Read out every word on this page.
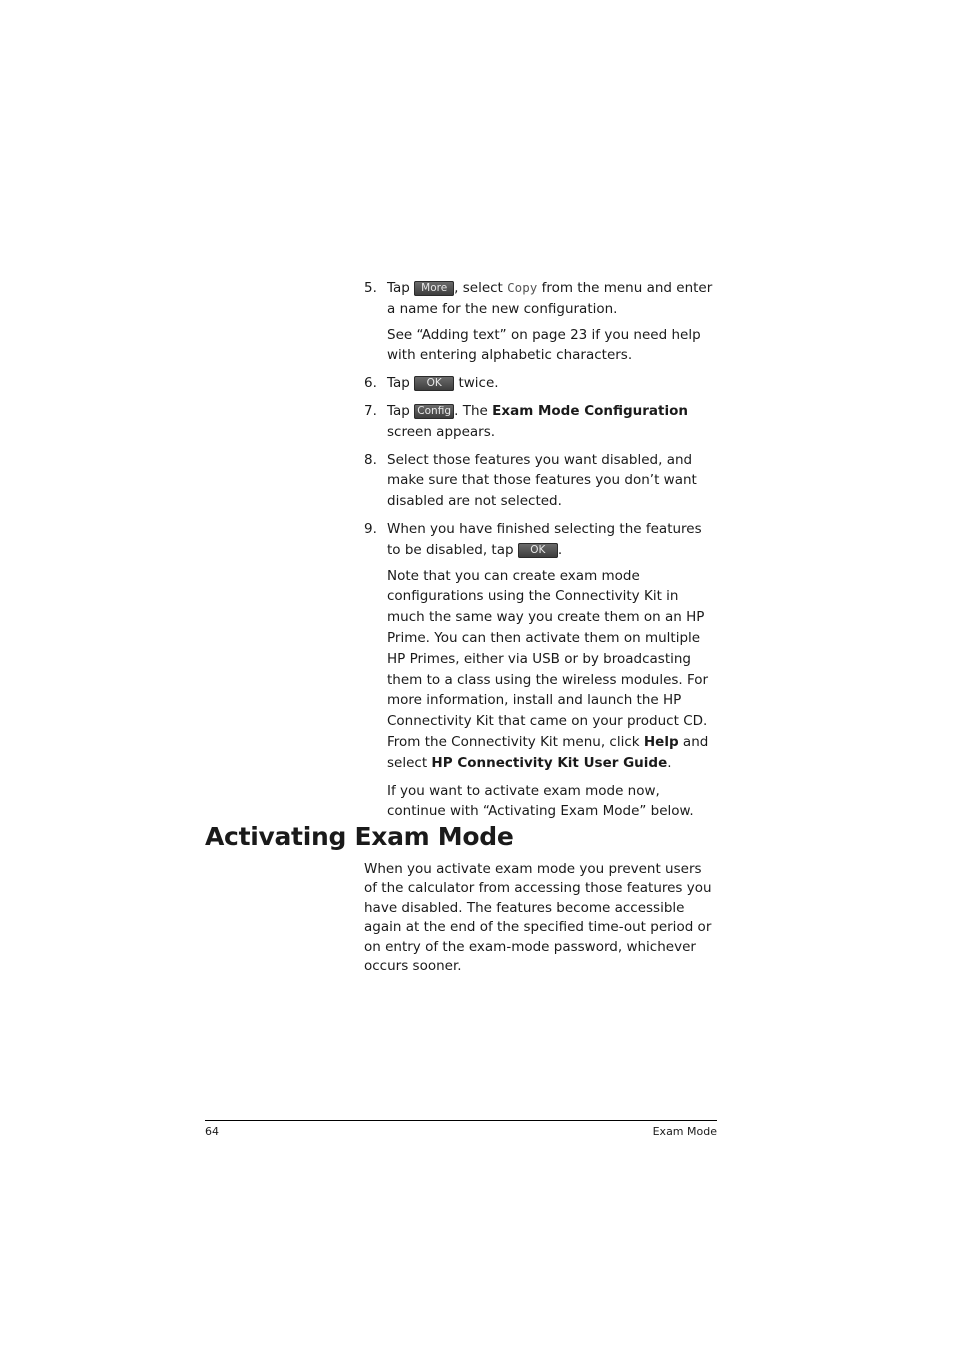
5. Tap More , select Copy from the menu and enter a name for the new configuration.

See “Adding text” on page 23 if you need help with entering alphabetic characters.

6. Tap OK twice.

7. Tap Config . The Exam Mode Configuration screen appears.

8. Select those features you want disabled, and make sure that those features you don’t want disabled are not selected.

9. When you have finished selecting the features to be disabled, tap OK .

Note that you can create exam mode configurations using the Connectivity Kit in much the same way you create them on an HP Prime. You can then activate them on multiple HP Primes, either via USB or by broadcasting them to a class using the wireless modules. For more information, install and launch the HP Connectivity Kit that came on your product CD. From the Connectivity Kit menu, click Help and select HP Connectivity Kit User Guide.

If you want to activate exam mode now, continue with “Activating Exam Mode” below.

Activating Exam Mode

When you activate exam mode you prevent users of the calculator from accessing those features you have disabled. The features become accessible again at the end of the specified time-out period or on entry of the exam-mode password, whichever occurs sooner.

64	Exam Mode
